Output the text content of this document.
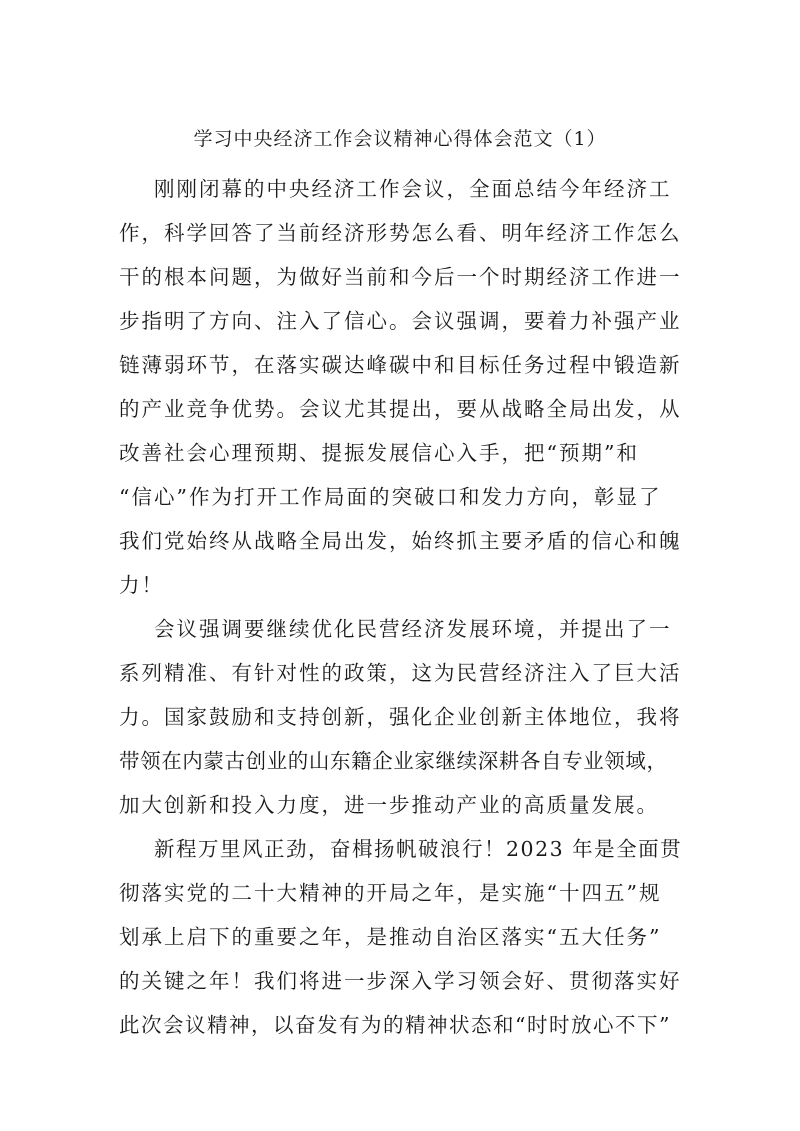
学习中央经济工作会议精神心得体会范文（1）
刚刚闭幕的中央经济工作会议，全面总结今年经济工
作，科学回答了当前经济形势怎么看、明年经济工作怎么
干的根本问题，为做好当前和今后一个时期经济工作进一
步指明了方向、注入了信心。会议强调，要着力补强产业
链薄弱环节，在落实碳达峰碳中和目标任务过程中锻造新
的产业竞争优势。会议尤其提出，要从战略全局出发，从
改善社会心理预期、提振发展信心入手，把“预期”和
“信心”作为打开工作局面的突破口和发力方向，彰显了
我们党始终从战略全局出发，始终抓主要矛盾的信心和魄
力！
会议强调要继续优化民营经济发展环境，并提出了一
系列精准、有针对性的政策，这为民营经济注入了巨大活
力。国家鼓励和支持创新，强化企业创新主体地位，我将
带领在内蒙古创业的山东籍企业家继续深耕各自专业领域，
加大创新和投入力度，进一步推动产业的高质量发展。
新程万里风正劲，奋楫扬帆破浪行！2023 年是全面贯
彻落实党的二十大精神的开局之年，是实施“十四五”规
划承上启下的重要之年，是推动自治区落实“五大任务”
的关键之年！我们将进一步深入学习领会好、贯彻落实好
此次会议精神，以奋发有为的精神状态和“时时放心不下”
